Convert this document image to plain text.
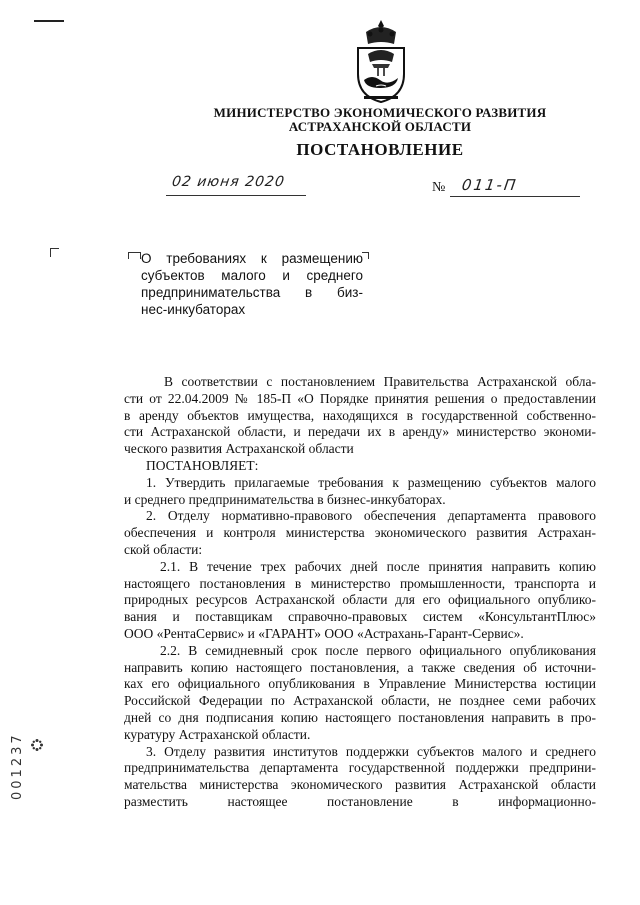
МИНИСТЕРСТВО ЭКОНОМИЧЕСКОГО РАЗВИТИЯ
АСТРАХАНСКОЙ ОБЛАСТИ
ПОСТАНОВЛЕНИЕ
02 июня 2020	№ 011-П
О требованиях к размещению
субъектов малого и среднего
предпринимательства в биз-
нес-инкубаторах
В соответствии с постановлением Правительства Астраханской обла-
сти от 22.04.2009 № 185-П «О Порядке принятия решения о предоставлении
в аренду объектов имущества, находящихся в государственной собственно-
сти Астраханской области, и передачи их в аренду» министерство экономи-
ческого развития Астраханской области
ПОСТАНОВЛЯЕТ:
1. Утвердить прилагаемые требования к размещению субъектов малого
и среднего предпринимательства в бизнес-инкубаторах.
2. Отделу нормативно-правового обеспечения департамента правового
обеспечения и контроля министерства экономического развития Астрахан-
ской области:
2.1. В течение трех рабочих дней после принятия направить копию
настоящего постановления в министерство промышленности, транспорта и
природных ресурсов Астраханской области для его официального опублико-
вания и поставщикам справочно-правовых систем «КонсультантПлюс»
ООО «РентаСервис» и «ГАРАНТ» ООО «Астрахань-Гарант-Сервис».
2.2. В семидневный срок после первого официального опубликования
направить копию настоящего постановления, а также сведения об источни-
ках его официального опубликования в Управление Министерства юстиции
Российской Федерации по Астраханской области, не позднее семи рабочих
дней со дня подписания копию настоящего постановления направить в про-
куратуру Астраханской области.
3. Отделу развития институтов поддержки субъектов малого и среднего
предпринимательства департамента государственной поддержки предприни-
мательства министерства экономического развития Астраханской области
разместить настоящее постановление в информационно-
001237
